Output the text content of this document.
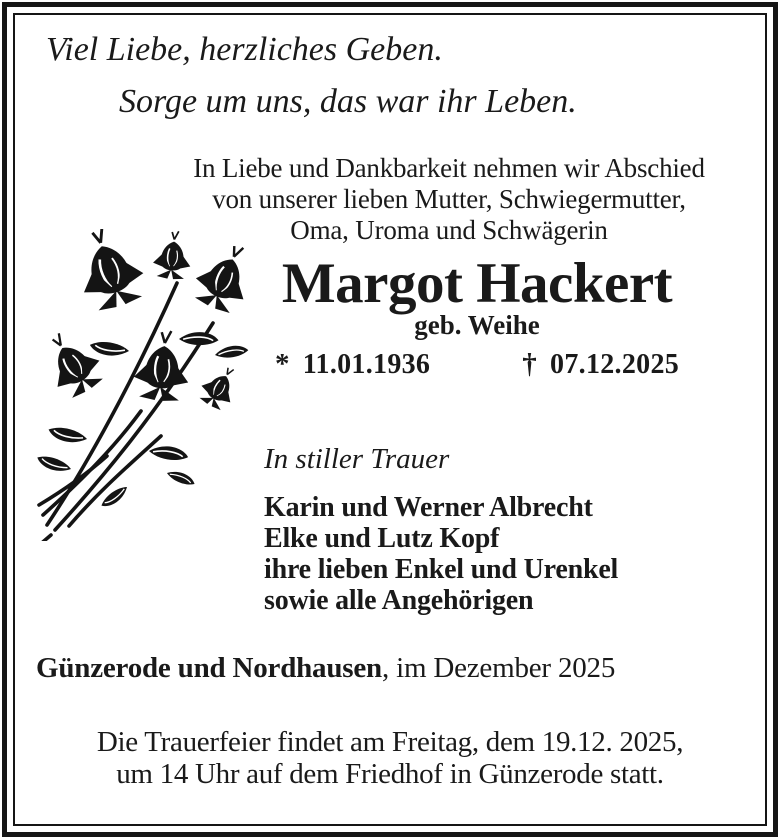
Viel Liebe, herzliches Geben.
Sorge um uns, das war ihr Leben.
In Liebe und Dankbarkeit nehmen wir Abschied
von unserer lieben Mutter, Schwiegermutter,
Oma, Uroma und Schwägerin
Margot Hackert
geb. Weihe
* 11.01.1936	† 07.12.2025
In stiller Trauer
Karin und Werner Albrecht
Elke und Lutz Kopf
ihre lieben Enkel und Urenkel
sowie alle Angehörigen
Günzerode und Nordhausen, im Dezember 2025
Die Trauerfeier findet am Freitag, dem 19.12. 2025,
um 14 Uhr auf dem Friedhof in Günzerode statt.
